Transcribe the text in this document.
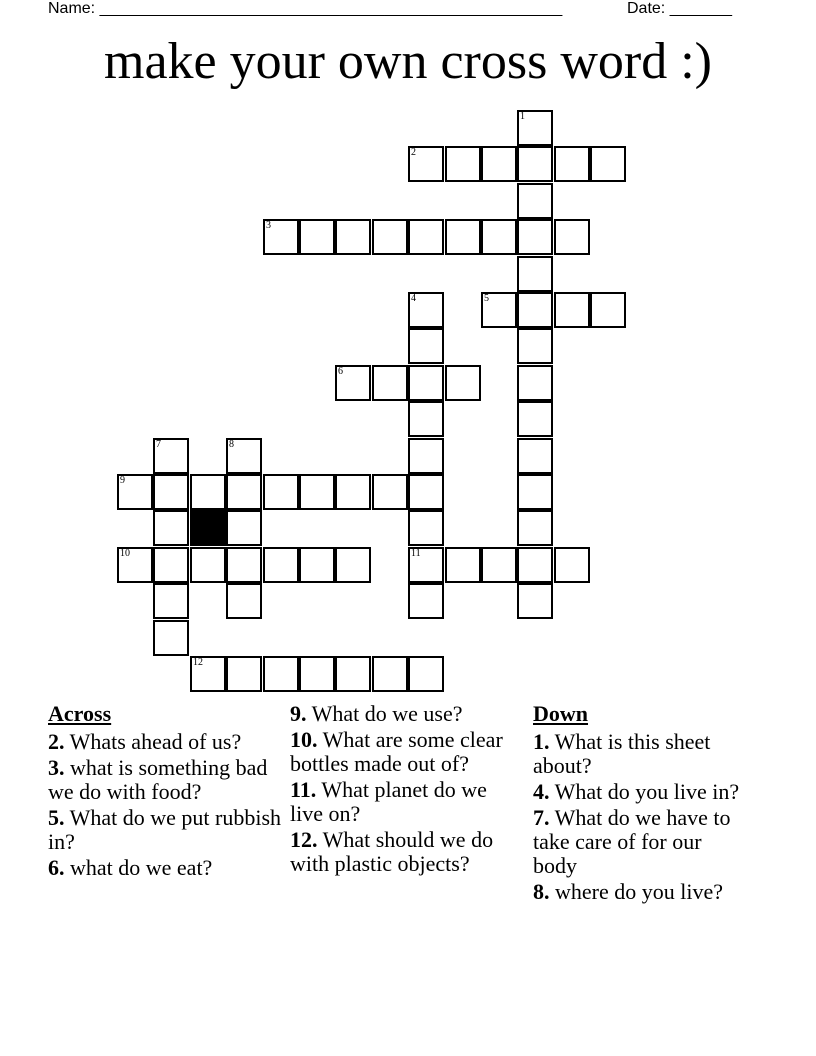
Name: ____________________________________________________	Date: _______
make your own cross word :)
1
2
3
4	5
6
7	8
9
10	11
12
Across
2. Whats ahead of us?
3. what is something bad we do with food?
5. What do we put rubbish in?
6. what do we eat?
9. What do we use?
10. What are some clear bottles made out of?
11. What planet do we live on?
12. What should we do with plastic objects?
Down
1. What is this sheet about?
4. What do you live in?
7. What do we have to take care of for our body
8. where do you live?
